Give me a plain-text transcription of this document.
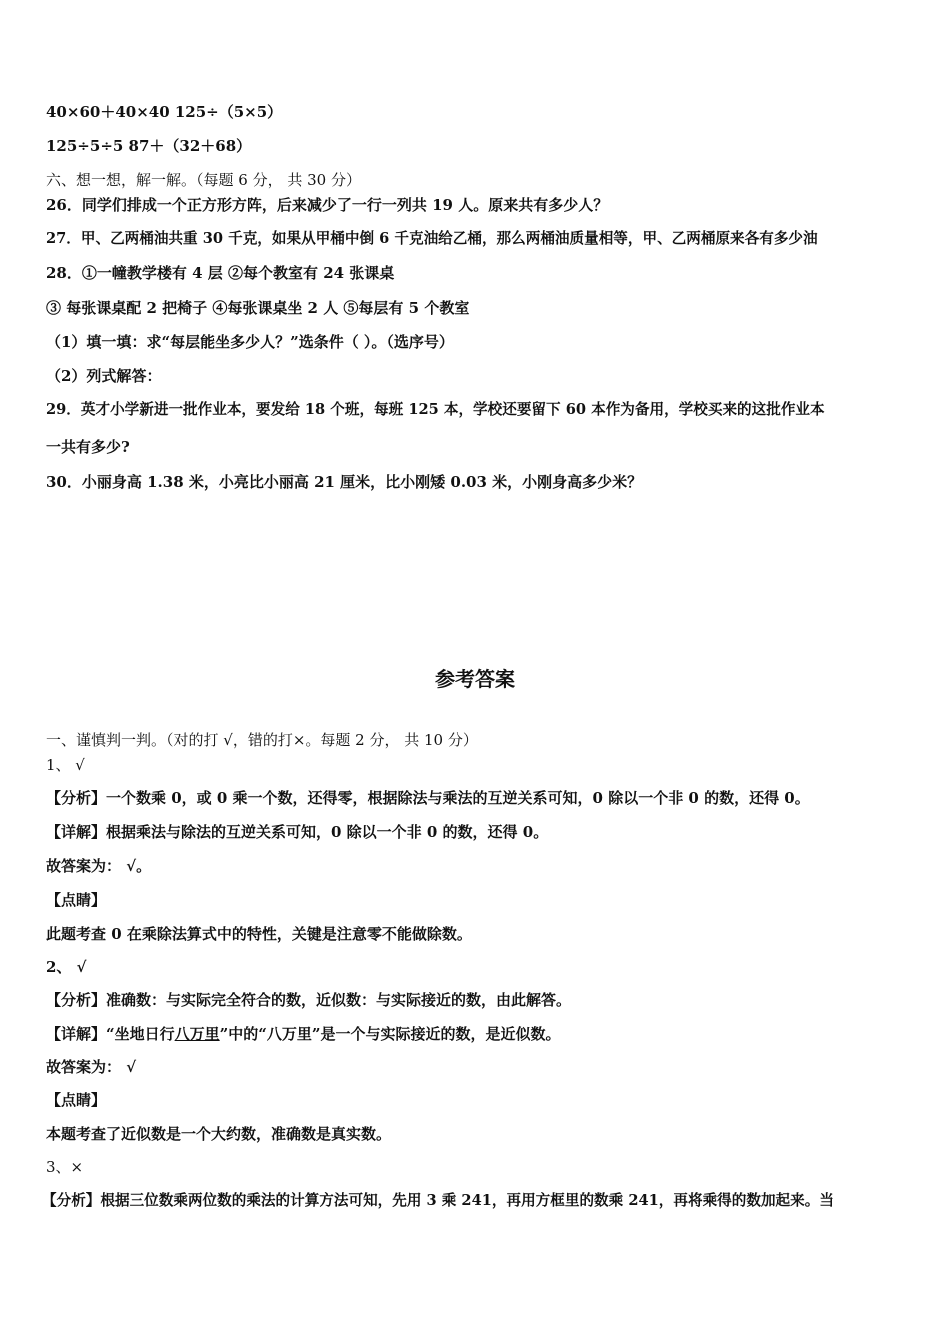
40×60＋40×40 125÷（5×5）
125÷5÷5 87＋（32＋68）
六、想一想，解一解。（每题 6 分， 共 30 分）
26．同学们排成一个正方形方阵，后来减少了一行一列共 19 人。原来共有多少人？
27．甲、乙两桶油共重 30 千克，如果从甲桶中倒 6 千克油给乙桶，那么两桶油质量相等，甲、乙两桶原来各有多少油
28．①一幢教学楼有 4 层 ②每个教室有 24 张课桌
③ 每张课桌配 2 把椅子 ④每张课桌坐 2 人 ⑤每层有 5 个教室
（1）填一填：求“每层能坐多少人？”选条件（ ）。（选序号）
（2）列式解答：
29．英才小学新进一批作业本，要发给 18 个班，每班 125 本，学校还要留下 60 本作为备用，学校买来的这批作业本
一共有多少?
30．小丽身高 1.38 米，小亮比小丽高 21 厘米，比小刚矮 0.03 米，小刚身高多少米？
参考答案
一、谨慎判一判。（对的打 √，错的打×。每题 2 分， 共 10 分）
1、 √
【分析】一个数乘 0，或 0 乘一个数，还得零，根据除法与乘法的互逆关系可知，0 除以一个非 0 的数，还得 0。
【详解】根据乘法与除法的互逆关系可知，0 除以一个非 0 的数，还得 0。
故答案为： √。
【点睛】
此题考查 0 在乘除法算式中的特性，关键是注意零不能做除数。
2、 √
【分析】准确数：与实际完全符合的数，近似数：与实际接近的数，由此解答。
【详解】“坐地日行八万里”中的“八万里”是一个与实际接近的数，是近似数。
故答案为： √
【点睛】
本题考查了近似数是一个大约数，准确数是真实数。
3、×
【分析】根据三位数乘两位数的乘法的计算方法可知，先用 3 乘 241，再用方框里的数乘 241，再将乘得的数加起来。当
